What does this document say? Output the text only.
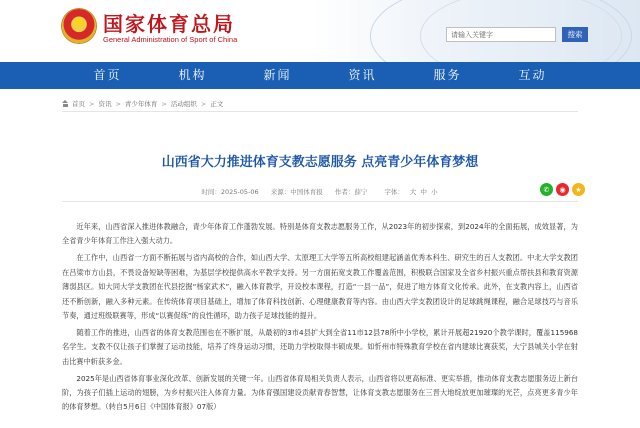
★ 国家体育总局
General Administration of Sport of China	请输入关键字	搜索
首页	机构	新闻	资讯	服务	互动
首页 > 资讯 > 青少年体育 > 活动组织 > 正文
山西省大力推进体育支教志愿服务 点亮青少年体育梦想
时间：2025-05-06 来源：中国体育报 作者：薛宁	字体： 大 中 小	✆	◉	★

近年来，山西省深入推进体教融合，青少年体育工作蓬勃发展。特别是体育支教志愿服务工作，从2023年的初步探索，到2024年的全面拓展，成效显著，为全省青少年体育工作注入强大动力。

在工作中，山西省一方面不断拓展与省内高校的合作，如山西大学、太原理工大学等五所高校组建起涵盖优秀本科生、研究生的百人支教团。中北大学支教团在吕梁市方山县，不畏设备短缺等困难，为基层学校提供高水平教学支持。另一方面拓宽支教工作覆盖范围，积极联合国家及全省乡村振兴重点帮扶县和教育资源薄弱县区。如大同大学支教团在代县挖掘“杨家武术”，融入体育教学，开设校本课程，打造“一县一品”，促进了地方体育文化传承。此外，在支教内容上，山西省还不断创新，融入多种元素。在传统体育项目基础上，增加了体育科技创新、心理健康教育等内容。由山西大学支教团设计的足球跳绳课程，融合足球技巧与音乐节奏，通过班级联赛等，形成“以赛促练”的良性循环，助力孩子足球技能的提升。

随着工作的推进，山西省的体育支教范围也在不断扩展，从最初的3市4县扩大到全省11市12县78所中小学校，累计开展超21920个教学课时，覆盖115968名学生。支教不仅让孩子们掌握了运动技能，培养了终身运动习惯，还助力学校取得丰硕成果。如忻州市特殊教育学校在省内建球比赛获奖，大宁县城关小学在射击比赛中斩获多金。

2025年是山西省体育事业深化改革、创新发展的关键一年。山西省体育局相关负责人表示，山西省将以更高标准、更实举措，推动体育支教志愿服务迈上新台阶，为孩子们插上运动的翅膀，为乡村振兴注入体育力量。为体育强国建设贡献青春智慧，让体育支教志愿服务在三晋大地绽放更加璀璨的光芒，点亮更多青少年的体育梦想。（转自5月6日《中国体育报》07版）
